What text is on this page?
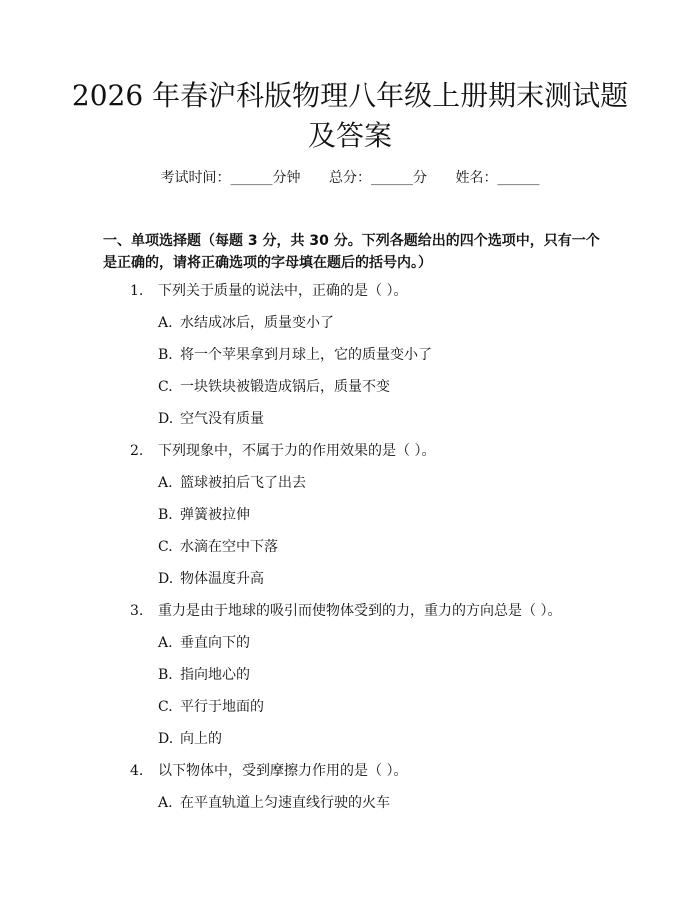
2026 年春沪科版物理八年级上册期末测试题
及答案
考试时间：______分钟 总分：______分 姓名：______
一、单项选择题（每题 3 分，共 30 分。下列各题给出的四个选项中，只有一个是正确的，请将正确选项的字母填在题后的括号内。）
1. 下列关于质量的说法中，正确的是（ ）。
A. 水结成冰后，质量变小了
B. 将一个苹果拿到月球上，它的质量变小了
C. 一块铁块被锻造成锅后，质量不变
D. 空气没有质量
2. 下列现象中，不属于力的作用效果的是（ ）。
A. 篮球被拍后飞了出去
B. 弹簧被拉伸
C. 水滴在空中下落
D. 物体温度升高
3. 重力是由于地球的吸引而使物体受到的力，重力的方向总是（ ）。
A. 垂直向下的
B. 指向地心的
C. 平行于地面的
D. 向上的
4. 以下物体中，受到摩擦力作用的是（ ）。
A. 在平直轨道上匀速直线行驶的火车
